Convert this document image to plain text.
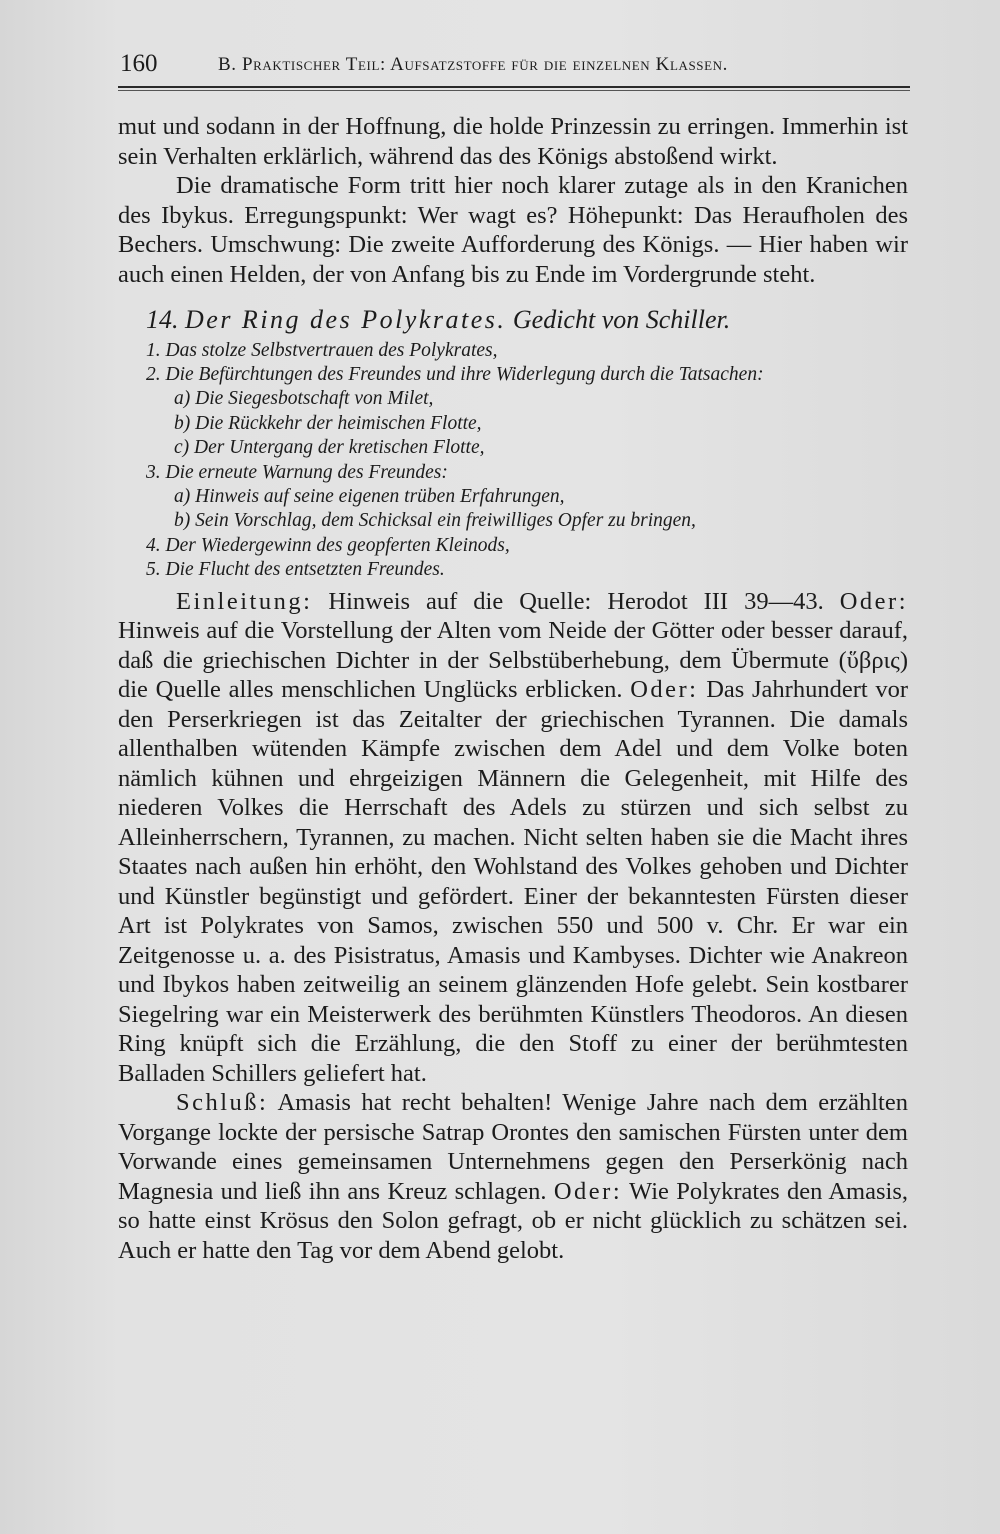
160	B. Praktischer Teil: Aufsatzstoffe für die einzelnen Klassen.

mut und sodann in der Hoffnung, die holde Prinzessin zu erringen. Immerhin ist sein Verhalten erklärlich, während das des Königs abstoßend wirkt.

Die dramatische Form tritt hier noch klarer zutage als in den Kranichen des Ibykus. Erregungspunkt: Wer wagt es? Höhepunkt: Das Heraufholen des Bechers. Umschwung: Die zweite Aufforderung des Königs. — Hier haben wir auch einen Helden, der von Anfang bis zu Ende im Vordergrunde steht.

14. Der Ring des Polykrates. Gedicht von Schiller.

1. Das stolze Selbstvertrauen des Polykrates,
2. Die Befürchtungen des Freundes und ihre Widerlegung durch die Tatsachen:
a) Die Siegesbotschaft von Milet,
b) Die Rückkehr der heimischen Flotte,
c) Der Untergang der kretischen Flotte,
3. Die erneute Warnung des Freundes:
a) Hinweis auf seine eigenen trüben Erfahrungen,
b) Sein Vorschlag, dem Schicksal ein freiwilliges Opfer zu bringen,
4. Der Wiedergewinn des geopferten Kleinods,
5. Die Flucht des entsetzten Freundes.

Einleitung: Hinweis auf die Quelle: Herodot III 39—43. Oder: Hinweis auf die Vorstellung der Alten vom Neide der Götter oder besser darauf, daß die griechischen Dichter in der Selbstüberhebung, dem Übermute (ὕβρις) die Quelle alles menschlichen Unglücks erblicken. Oder: Das Jahrhundert vor den Perserkriegen ist das Zeitalter der griechischen Tyrannen. Die damals allenthalben wütenden Kämpfe zwischen dem Adel und dem Volke boten nämlich kühnen und ehrgeizigen Männern die Gelegenheit, mit Hilfe des niederen Volkes die Herrschaft des Adels zu stürzen und sich selbst zu Alleinherrschern, Tyrannen, zu machen. Nicht selten haben sie die Macht ihres Staates nach außen hin erhöht, den Wohlstand des Volkes gehoben und Dichter und Künstler begünstigt und gefördert. Einer der bekanntesten Fürsten dieser Art ist Polykrates von Samos, zwischen 550 und 500 v. Chr. Er war ein Zeitgenosse u. a. des Pisistratus, Amasis und Kambyses. Dichter wie Anakreon und Ibykos haben zeitweilig an seinem glänzenden Hofe gelebt. Sein kostbarer Siegelring war ein Meisterwerk des berühmten Künstlers Theodoros. An diesen Ring knüpft sich die Erzählung, die den Stoff zu einer der berühmtesten Balladen Schillers geliefert hat.

Schluß: Amasis hat recht behalten! Wenige Jahre nach dem erzählten Vorgange lockte der persische Satrap Orontes den samischen Fürsten unter dem Vorwande eines gemeinsamen Unternehmens gegen den Perserkönig nach Magnesia und ließ ihn ans Kreuz schlagen. Oder: Wie Polykrates den Amasis, so hatte einst Krösus den Solon gefragt, ob er nicht glücklich zu schätzen sei. Auch er hatte den Tag vor dem Abend gelobt.
